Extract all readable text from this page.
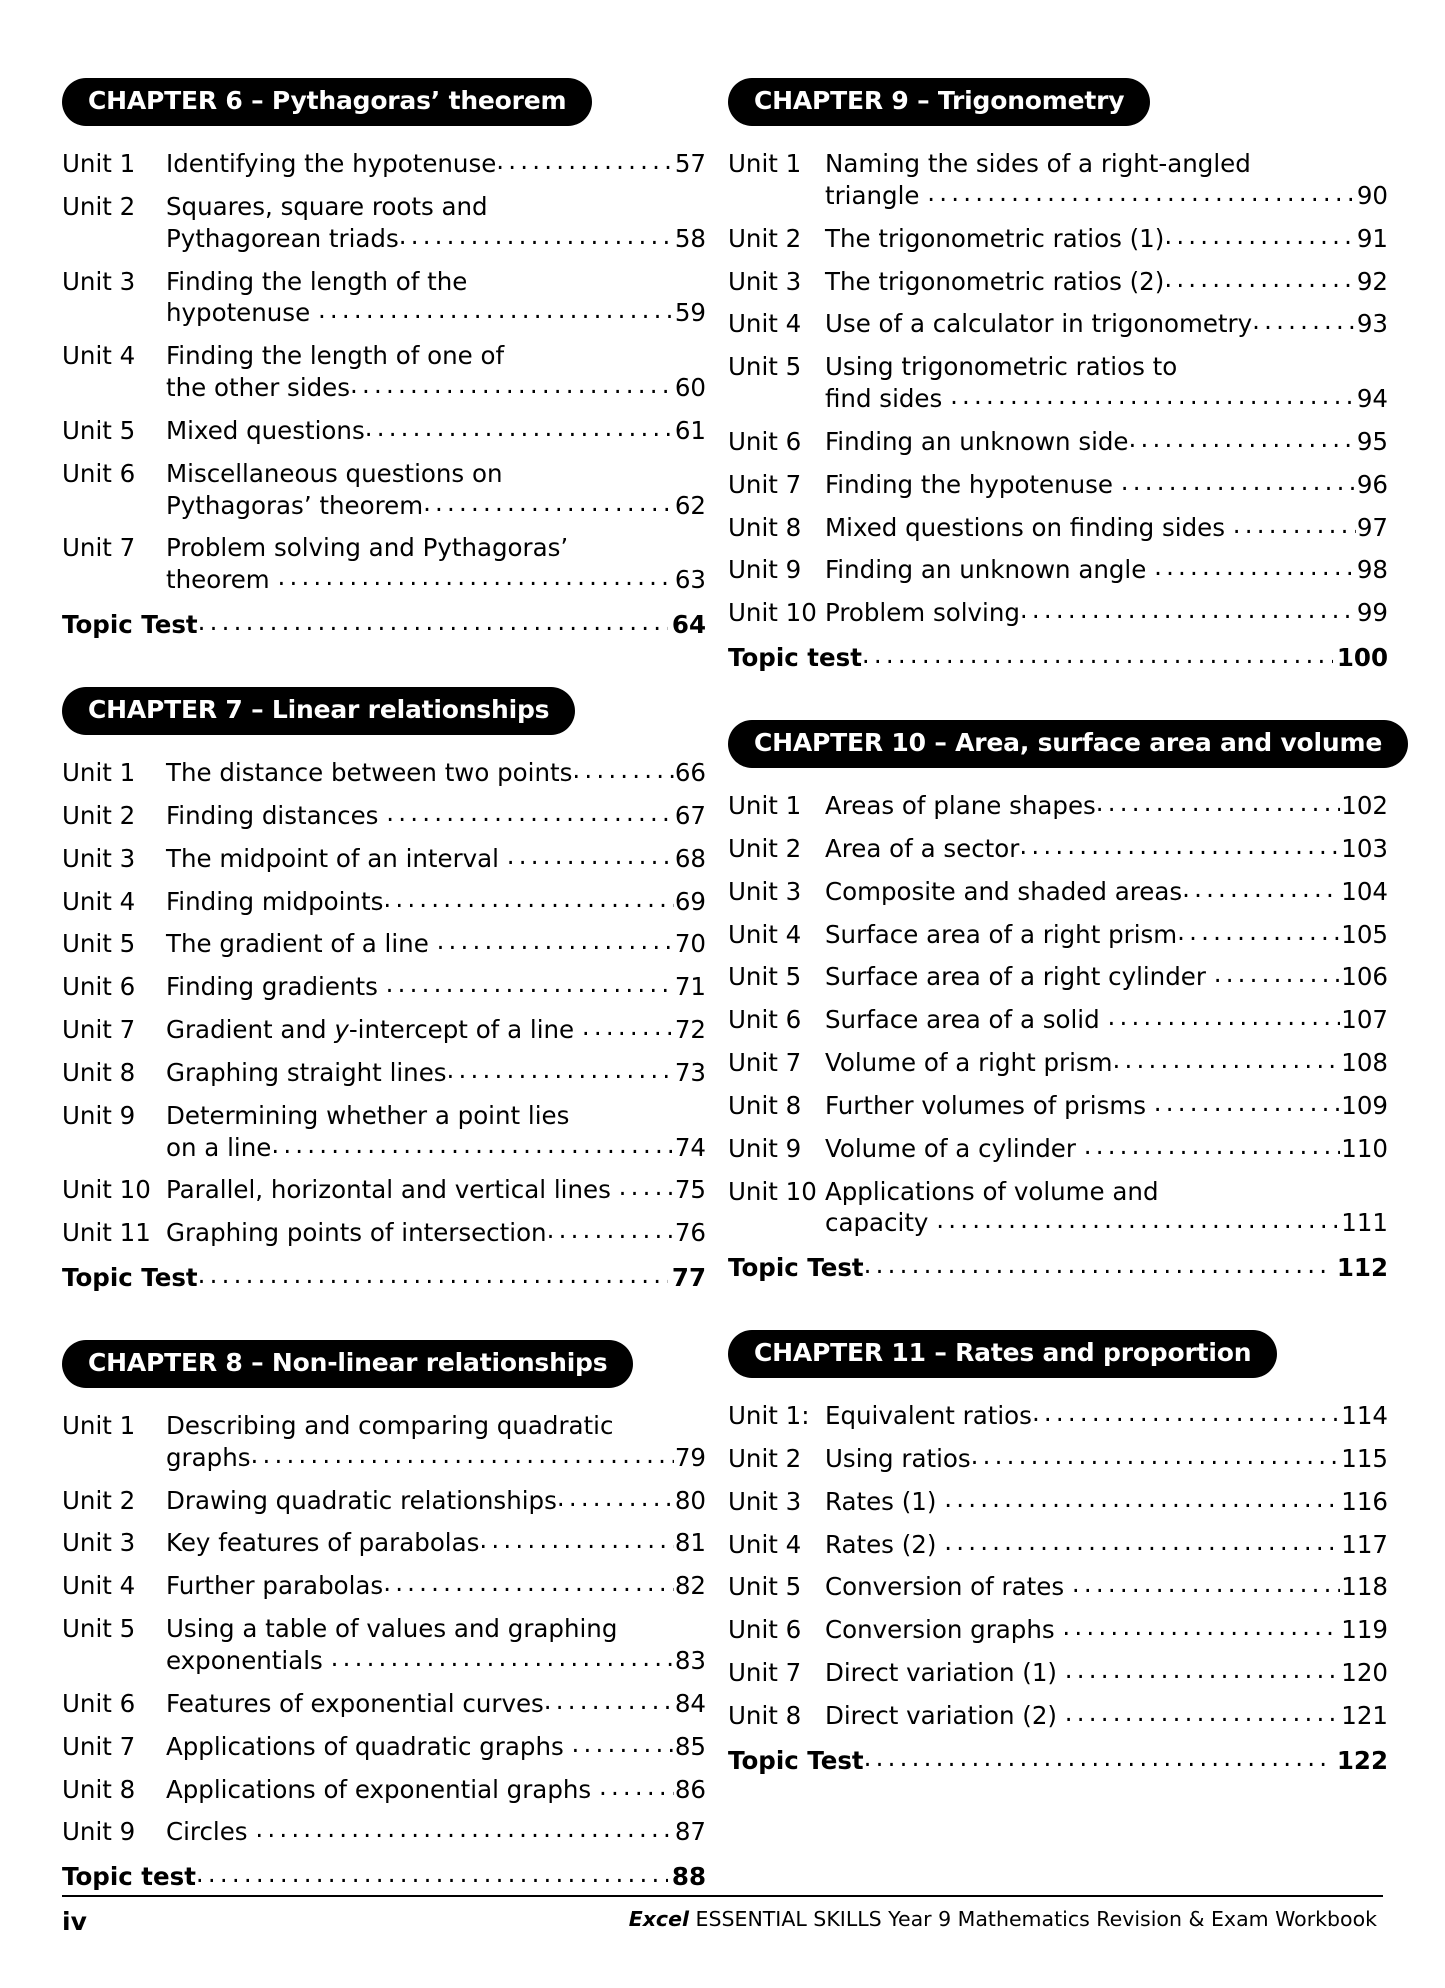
CHAPTER 6 – Pythagoras’ theorem
Unit 1	Identifying the hypotenuse .....	57
Unit 2	Squares, square roots and
Pythagorean triads .....	58
Unit 3	Finding the length of the
hypotenuse .....	59
Unit 4	Finding the length of one of
the other sides .....	60
Unit 5	Mixed questions .....	61
Unit 6	Miscellaneous questions on
Pythagoras’ theorem .....	62
Unit 7	Problem solving and Pythagoras’
theorem .....	63
Topic Test .....	64
CHAPTER 7 – Linear relationships
Unit 1	The distance between two points .....	66
Unit 2	Finding distances .....	67
Unit 3	The midpoint of an interval .....	68
Unit 4	Finding midpoints .....	69
Unit 5	The gradient of a line .....	70
Unit 6	Finding gradients .....	71
Unit 7	Gradient and y-intercept of a line .....	72
Unit 8	Graphing straight lines .....	73
Unit 9	Determining whether a point lies
on a line .....	74
Unit 10 Parallel, horizontal and vertical lines ..... 75
Unit 11 Graphing points of intersection .....	76
Topic Test .....	77
CHAPTER 8 – Non-linear relationships
Unit 1	Describing and comparing quadratic
graphs .....	79
Unit 2	Drawing quadratic relationships .....	80
Unit 3	Key features of parabolas .....	81
Unit 4	Further parabolas .....	82
Unit 5	Using a table of values and graphing
exponentials .....	83
Unit 6	Features of exponential curves .....	84
Unit 7	Applications of quadratic graphs .....	85
Unit 8	Applications of exponential graphs .....	86
Unit 9	Circles .....	87
Topic test .....	88
CHAPTER 9 – Trigonometry
Unit 1 Naming the sides of a right-angled
triangle .....	90
Unit 2 The trigonometric ratios (1) .....	91
Unit 3 The trigonometric ratios (2) .....	92
Unit 4 Use of a calculator in trigonometry .....	93
Unit 5 Using trigonometric ratios to
find sides .....	94
Unit 6 Finding an unknown side .....	95
Unit 7 Finding the hypotenuse .....	96
Unit 8 Mixed questions on finding sides .....	97
Unit 9 Finding an unknown angle .....	98
Unit 10 Problem solving .....	99
Topic test .....	100
CHAPTER 10 – Area, surface area and volume
Unit 1 Areas of plane shapes .....	102
Unit 2 Area of a sector .....	103
Unit 3 Composite and shaded areas .....	104
Unit 4 Surface area of a right prism .....	105
Unit 5 Surface area of a right cylinder .....	106
Unit 6 Surface area of a solid .....	107
Unit 7 Volume of a right prism .....	108
Unit 8 Further volumes of prisms .....	109
Unit 9 Volume of a cylinder .....	110
Unit 10 Applications of volume and
capacity .....	111
Topic Test .....	112
CHAPTER 11 – Rates and proportion
Unit 1: Equivalent ratios .....	114
Unit 2 Using ratios .....	115
Unit 3 Rates (1) .....	116
Unit 4 Rates (2) .....	117
Unit 5 Conversion of rates .....	118
Unit 6 Conversion graphs .....	119
Unit 7 Direct variation (1) .....	120
Unit 8 Direct variation (2) .....	121
Topic Test .....	122
iv	Excel ESSENTIAL SKILLS Year 9 Mathematics Revision & Exam Workbook
